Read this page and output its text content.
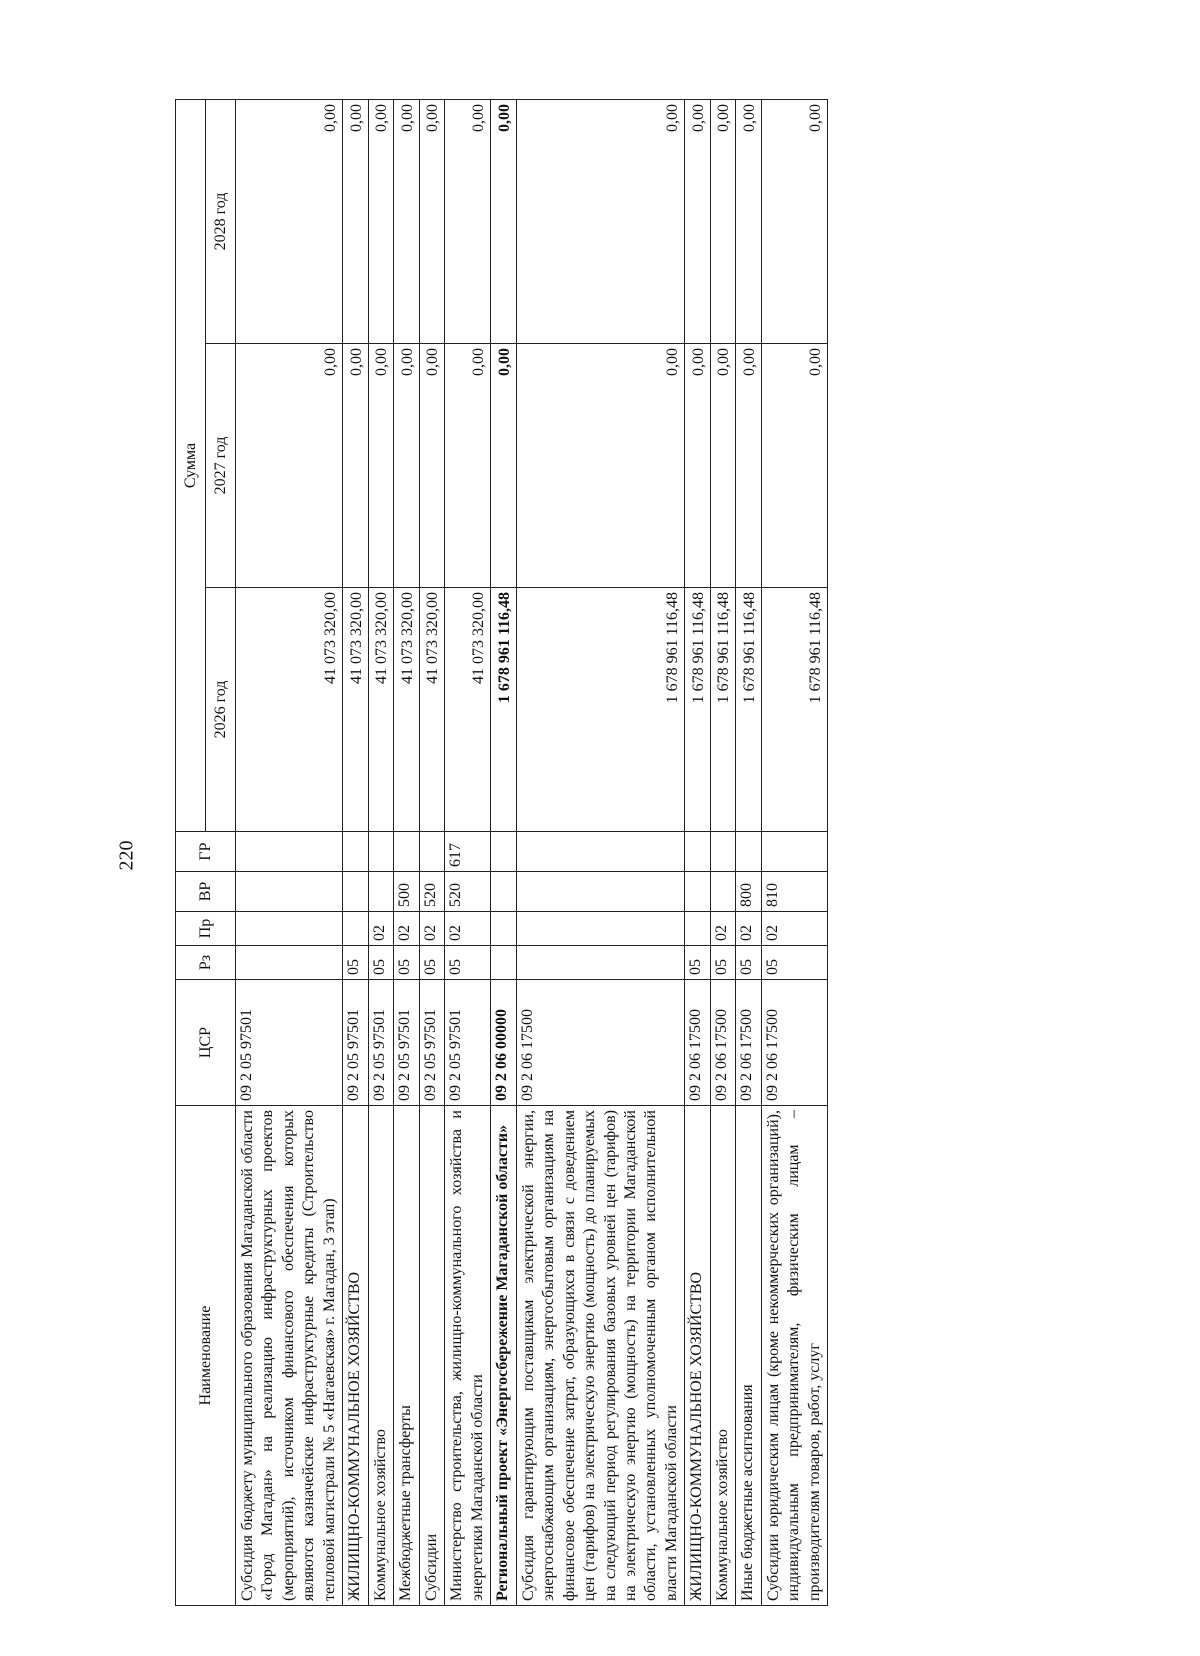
220
Наименование	ЦСР	Рз	Пр	ВР	ГР	Сумма		
						2026 год	2027 год	2028 год
Субсидия бюджету муниципального образования Магаданской области «Город Магадан» на реализацию инфраструктурных проектов (мероприятий), источником финансового обеспечения которых являются казначейские инфраструктурные кредиты (Строительство тепловой магистрали № 5 «Нагаевская» г. Магадан, 3 этап)	09 2 05 97501					41 073 320,00	0,00	0,00
ЖИЛИЩНО-КОММУНАЛЬНОЕ ХОЗЯЙСТВО	09 2 05 97501	05				41 073 320,00	0,00	0,00
Коммунальное хозяйство	09 2 05 97501	05	02			41 073 320,00	0,00	0,00
Межбюджетные трансферты	09 2 05 97501	05	02	500		41 073 320,00	0,00	0,00
Субсидии	09 2 05 97501	05	02	520		41 073 320,00	0,00	0,00
Министерство строительства, жилищно-коммунального хозяйства и энергетики Магаданской области	09 2 05 97501	05	02	520	617	41 073 320,00	0,00	0,00
Региональный проект «Энергосбережение Магаданской области»	09 2 06 00000					1 678 961 116,48	0,00	0,00
Субсидия гарантирующим поставщикам электрической энергии, энергоснабжающим организациям, энергосбытовым организациям на финансовое обеспечение затрат, образующихся в связи с доведением цен (тарифов) на электрическую энергию (мощность) до планируемых на следующий период регулирования базовых уровней цен (тарифов) на электрическую энергию (мощность) на территории Магаданской области, установленных уполномоченным органом исполнительной власти Магаданской области	09 2 06 17500					1 678 961 116,48	0,00	0,00
ЖИЛИЩНО-КОММУНАЛЬНОЕ ХОЗЯЙСТВО	09 2 06 17500	05				1 678 961 116,48	0,00	0,00
Коммунальное хозяйство	09 2 06 17500	05	02			1 678 961 116,48	0,00	0,00
Иные бюджетные ассигнования	09 2 06 17500	05	02	800		1 678 961 116,48	0,00	0,00
Субсидии юридическим лицам (кроме некоммерческих организаций), индивидуальным предпринимателям, физическим лицам – производителям товаров, работ, услуг	09 2 06 17500	05	02	810		1 678 961 116,48	0,00	0,00
